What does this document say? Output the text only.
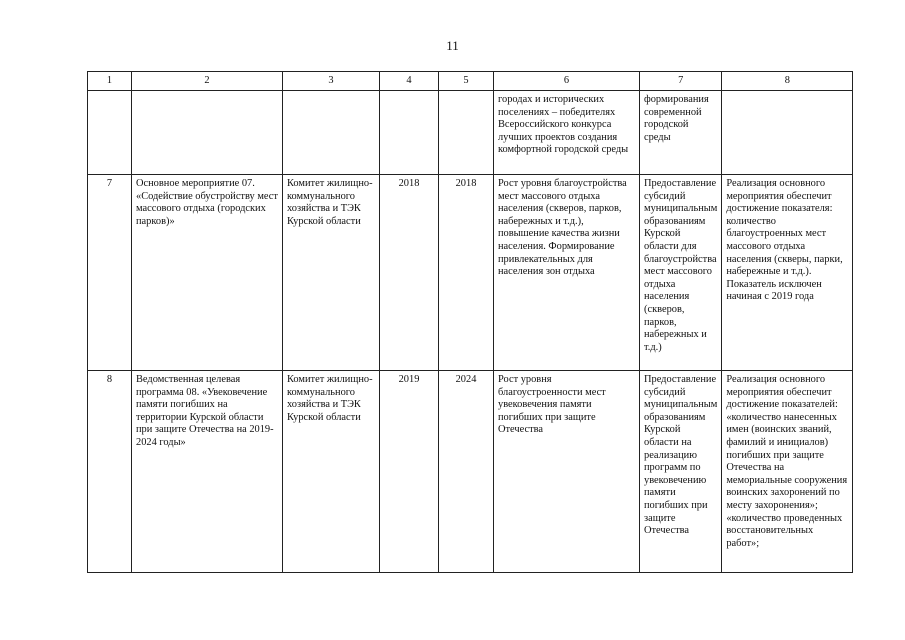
11
1	2	3	4	5	6	7	8
					городах и исторических поселениях – победителях Всероссийского конкурса лучших проектов создания комфортной городской среды	формирования современной городской среды	
7	Основное мероприятие 07. «Содействие обустройству мест массового отдыха (городских парков)»	Комитет жилищно-коммунального хозяйства и ТЭК Курской области	2018	2018	Рост уровня благоустройства мест массового отдыха населения (скверов, парков, набережных и т.д.), повышение качества жизни населения. Формирование привлекательных для населения зон отдыха	Предоставление субсидий муниципальным образованиям Курской области для благоустройства мест массового отдыха населения (скверов, парков, набережных и т.д.)	Реализация основного мероприятия обеспечит достижение показателя: количество благоустроенных мест массового отдыха населения (скверы, парки, набережные и т.д.). Показатель исключен начиная с 2019 года
8	Ведомственная целевая программа 08. «Увековечение памяти погибших на территории Курской области при защите Отечества на 2019-2024 годы»	Комитет жилищно-коммунального хозяйства и ТЭК Курской области	2019	2024	Рост уровня благоустроенности мест увековечения памяти погибших при защите Отечества	Предоставление субсидий муниципальным образованиям Курской области на реализацию программ по увековечению памяти погибших при защите Отечества	Реализация основного мероприятия обеспечит достижение показателей: «количество нанесенных имен (воинских званий, фамилий и инициалов) погибших при защите Отечества на мемориальные сооружения воинских захоронений по месту захоронения»; «количество проведенных восстановительных работ»;
